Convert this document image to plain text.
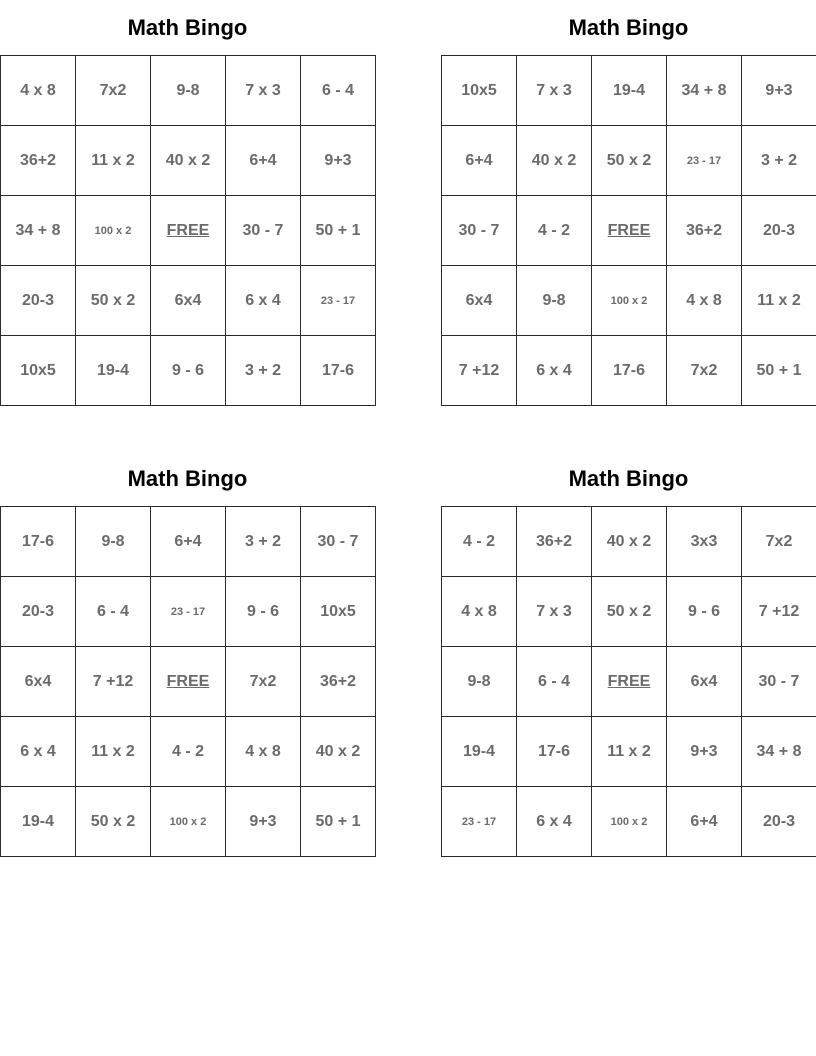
Math Bingo
4 x 8	7x2	9-8	7 x 3	6 - 4
36+2	11 x 2	40 x 2	6+4	9+3
34 + 8	100 x 2	FREE	30 - 7	50 + 1
20-3	50 x 2	6x4	6 x 4	23 - 17
10x5	19-4	9 - 6	3 + 2	17-6
Math Bingo
10x5	7 x 3	19-4	34 + 8	9+3
6+4	40 x 2	50 x 2	23 - 17	3 + 2
30 - 7	4 - 2	FREE	36+2	20-3
6x4	9-8	100 x 2	4 x 8	11 x 2
7 +12	6 x 4	17-6	7x2	50 + 1
Math Bingo
17-6	9-8	6+4	3 + 2	30 - 7
20-3	6 - 4	23 - 17	9 - 6	10x5
6x4	7 +12	FREE	7x2	36+2
6 x 4	11 x 2	4 - 2	4 x 8	40 x 2
19-4	50 x 2	100 x 2	9+3	50 + 1
Math Bingo
4 - 2	36+2	40 x 2	3x3	7x2
4 x 8	7 x 3	50 x 2	9 - 6	7 +12
9-8	6 - 4	FREE	6x4	30 - 7
19-4	17-6	11 x 2	9+3	34 + 8
23 - 17	6 x 4	100 x 2	6+4	20-3
